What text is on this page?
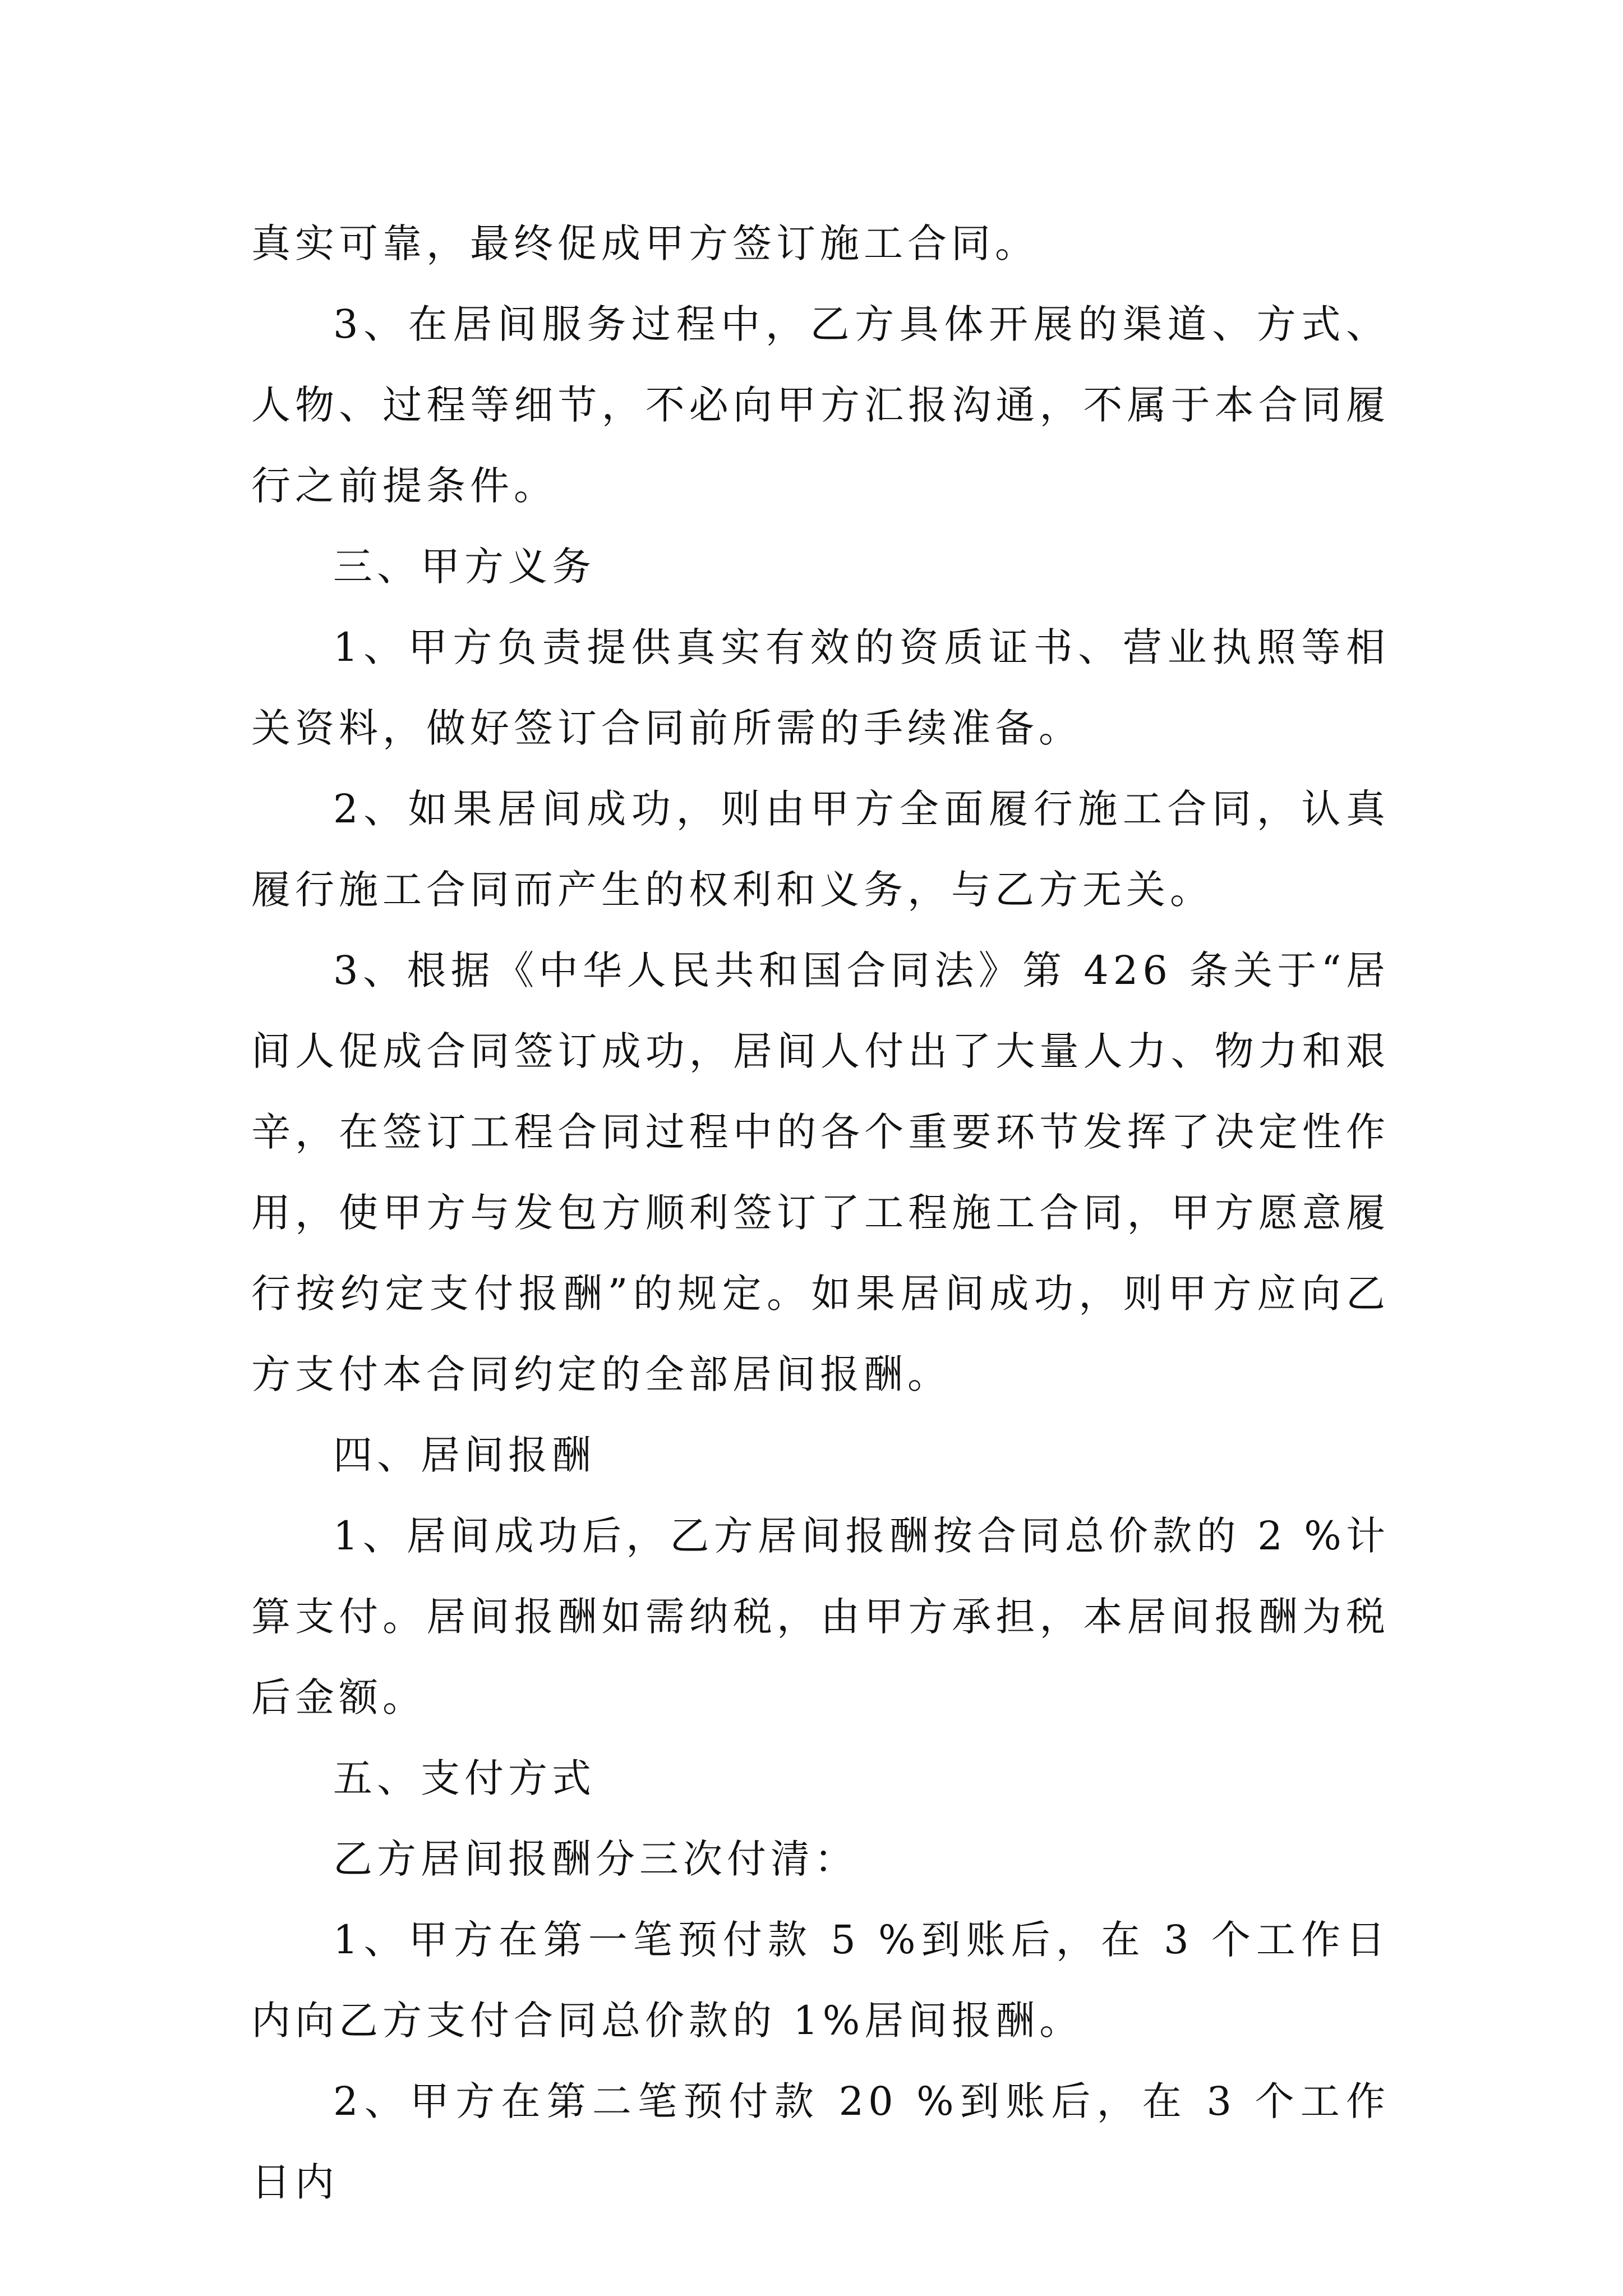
真实可靠，最终促成甲方签订施工合同。

3、在居间服务过程中，乙方具体开展的渠道、方式、人物、过程等细节，不必向甲方汇报沟通，不属于本合同履行之前提条件。

三、甲方义务

1、甲方负责提供真实有效的资质证书、营业执照等相关资料，做好签订合同前所需的手续准备。

2、如果居间成功，则由甲方全面履行施工合同，认真履行施工合同而产生的权利和义务，与乙方无关。

3、根据《中华人民共和国合同法》第 426 条关于“居间人促成合同签订成功，居间人付出了大量人力、物力和艰辛，在签订工程合同过程中的各个重要环节发挥了决定性作用，使甲方与发包方顺利签订了工程施工合同，甲方愿意履行按约定支付报酬”的规定。如果居间成功，则甲方应向乙方支付本合同约定的全部居间报酬。

四、居间报酬

1、居间成功后，乙方居间报酬按合同总价款的 2 %计算支付。居间报酬如需纳税，由甲方承担，本居间报酬为税后金额。

五、支付方式

乙方居间报酬分三次付清：

1、甲方在第一笔预付款 5 %到账后，在 3 个工作日内向乙方支付合同总价款的 1%居间报酬。

2、甲方在第二笔预付款 20 %到账后，在 3 个工作日内
